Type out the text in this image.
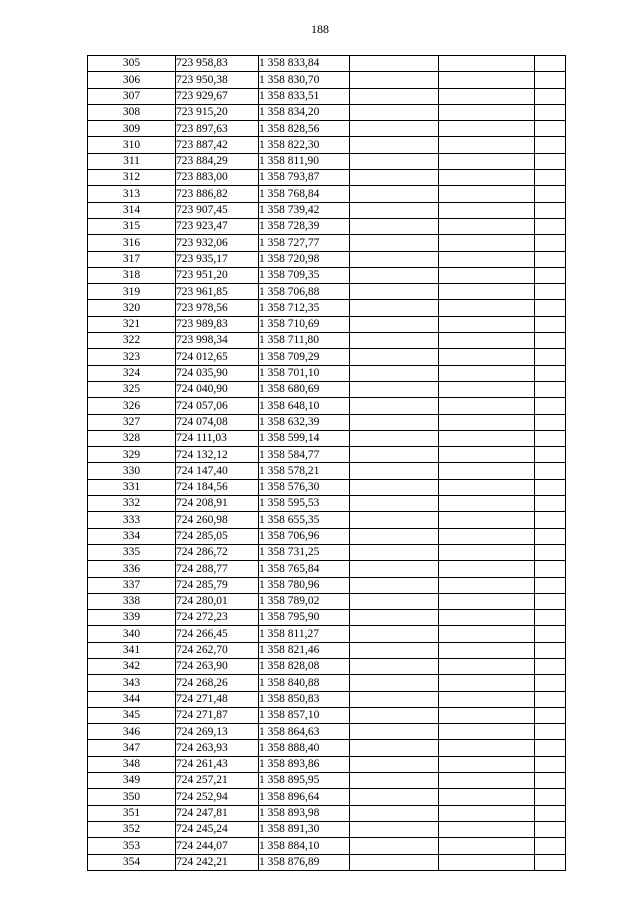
188
305	723 958,83	1 358 833,84			
306	723 950,38	1 358 830,70			
307	723 929,67	1 358 833,51			
308	723 915,20	1 358 834,20			
309	723 897,63	1 358 828,56			
310	723 887,42	1 358 822,30			
311	723 884,29	1 358 811,90			
312	723 883,00	1 358 793,87			
313	723 886,82	1 358 768,84			
314	723 907,45	1 358 739,42			
315	723 923,47	1 358 728,39			
316	723 932,06	1 358 727,77			
317	723 935,17	1 358 720,98			
318	723 951,20	1 358 709,35			
319	723 961,85	1 358 706,88			
320	723 978,56	1 358 712,35			
321	723 989,83	1 358 710,69			
322	723 998,34	1 358 711,80			
323	724 012,65	1 358 709,29			
324	724 035,90	1 358 701,10			
325	724 040,90	1 358 680,69			
326	724 057,06	1 358 648,10			
327	724 074,08	1 358 632,39			
328	724 111,03	1 358 599,14			
329	724 132,12	1 358 584,77			
330	724 147,40	1 358 578,21			
331	724 184,56	1 358 576,30			
332	724 208,91	1 358 595,53			
333	724 260,98	1 358 655,35			
334	724 285,05	1 358 706,96			
335	724 286,72	1 358 731,25			
336	724 288,77	1 358 765,84			
337	724 285,79	1 358 780,96			
338	724 280,01	1 358 789,02			
339	724 272,23	1 358 795,90			
340	724 266,45	1 358 811,27			
341	724 262,70	1 358 821,46			
342	724 263,90	1 358 828,08			
343	724 268,26	1 358 840,88			
344	724 271,48	1 358 850,83			
345	724 271,87	1 358 857,10			
346	724 269,13	1 358 864,63			
347	724 263,93	1 358 888,40			
348	724 261,43	1 358 893,86			
349	724 257,21	1 358 895,95			
350	724 252,94	1 358 896,64			
351	724 247,81	1 358 893,98			
352	724 245,24	1 358 891,30			
353	724 244,07	1 358 884,10			
354	724 242,21	1 358 876,89			
